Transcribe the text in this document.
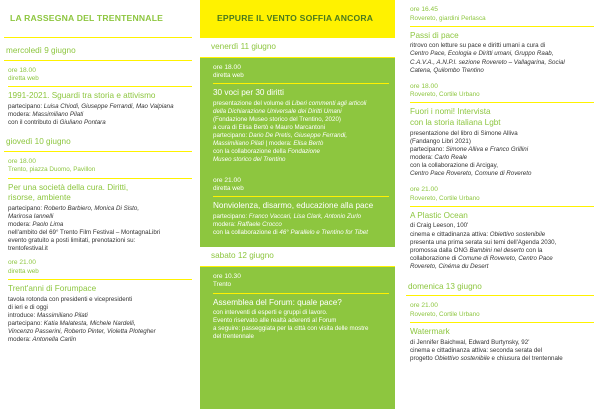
LA RASSEGNA DEL TRENTENNALE
mercoledì 9 giugno
ore 18.00
diretta web
1991-2021. Sguardi tra storia e attivismo
partecipano: Luisa Chiodi, Giuseppe Ferrandi, Mao Valpiana
modera: Massimiliano Pilati
con il contributo di Giuliano Pontara
giovedì 10 giugno
ore 18.00
Trento, piazza Duomo, Pavillon
Per una società della cura. Diritti,
risorse, ambiente
partecipano: Roberto Barbiero, Monica Di Sisto,
Marirosa Iannelli
modera: Paolo Lima
nell'ambito del 69° Trento Film Festival – MontagnaLibri
evento gratuito a posti limitati, prenotazioni su:
trentofestival.it
ore 21.00
diretta web
Trent'anni di Forumpace
tavola rotonda con presidenti e vicepresidenti
di ieri e di oggi
introduce: Massimiliano Pilati
partecipano: Katia Malatesta, Michele Nardelli,
Vincenzo Passerini, Roberto Pinter, Violetta Plotegher
modera: Antonella Carlin
EPPURE IL VENTO SOFFIA ANCORA
venerdì 11 giugno
ore 18.00
diretta web
30 voci per 30 diritti
presentazione del volume di Liberi commenti agli articoli
della Dichiarazione Universale dei Diritti Umani
(Fondazione Museo storico del Trentino, 2020)
a cura di Elisa Bertò e Mauro Marcantoni
partecipano: Dario De Pretis, Giuseppe Ferrandi,
Massimiliano Pilati | modera: Elisa Bertò
con la collaborazione della Fondazione
Museo storico del Trentino
ore 21.00
diretta web
Nonviolenza, disarmo, educazione alla pace
partecipano: Franco Vaccari, Lisa Clark, Antonio Zurlo
modera: Raffaele Crocco
con la collaborazione di 46° Parallelo e Trentino for Tibet
sabato 12 giugno
ore 10.30
Trento
Assemblea del Forum: quale pace?
con interventi di esperti e gruppi di lavoro.
Evento riservato alle realtà aderenti al Forum
a seguire: passeggiata per la città con visita delle mostre
del trentennale
ore 16.45
Rovereto, giardini Perlasca
Passi di pace
ritrovo con letture su pace e diritti umani a cura di
Centro Pace, Ecologia e Diritti umani, Gruppo Raab,
C.A.V.A., A.N.P.I. sezione Rovereto – Vallagarina, Social
Catena, Quilombo Trentino
ore 18.00
Rovereto, Cortile Urbano
Fuori i nomi! Intervista
con la storia italiana Lgbt
presentazione del libro di Simone Alliva
(Fandango Libri 2021)
partecipano: Simone Alliva e Franco Grillini
modera: Carlo Reale
con la collaborazione di Arcigay,
Centro Pace Rovereto, Comune di Rovereto
ore 21.00
Rovereto, Cortile Urbano
A Plastic Ocean
di Craig Leeson, 100'
cinema e cittadinanza attiva: Obiettivo sostenibile
presenta una prima serata sui temi dell'Agenda 2030,
promossa dalla ONG Bambini nel deserto con la
collaborazione di Comune di Rovereto, Centro Pace
Rovereto, Cinéma du Desert
domenica 13 giugno
ore 21.00
Rovereto, Cortile Urbano
Watermark
di Jennifer Baichwal, Edward Burtynsky, 92'
cinema e cittadinanza attiva: seconda serata del
progetto Obiettivo sostenibile e chiusura del trentennale
